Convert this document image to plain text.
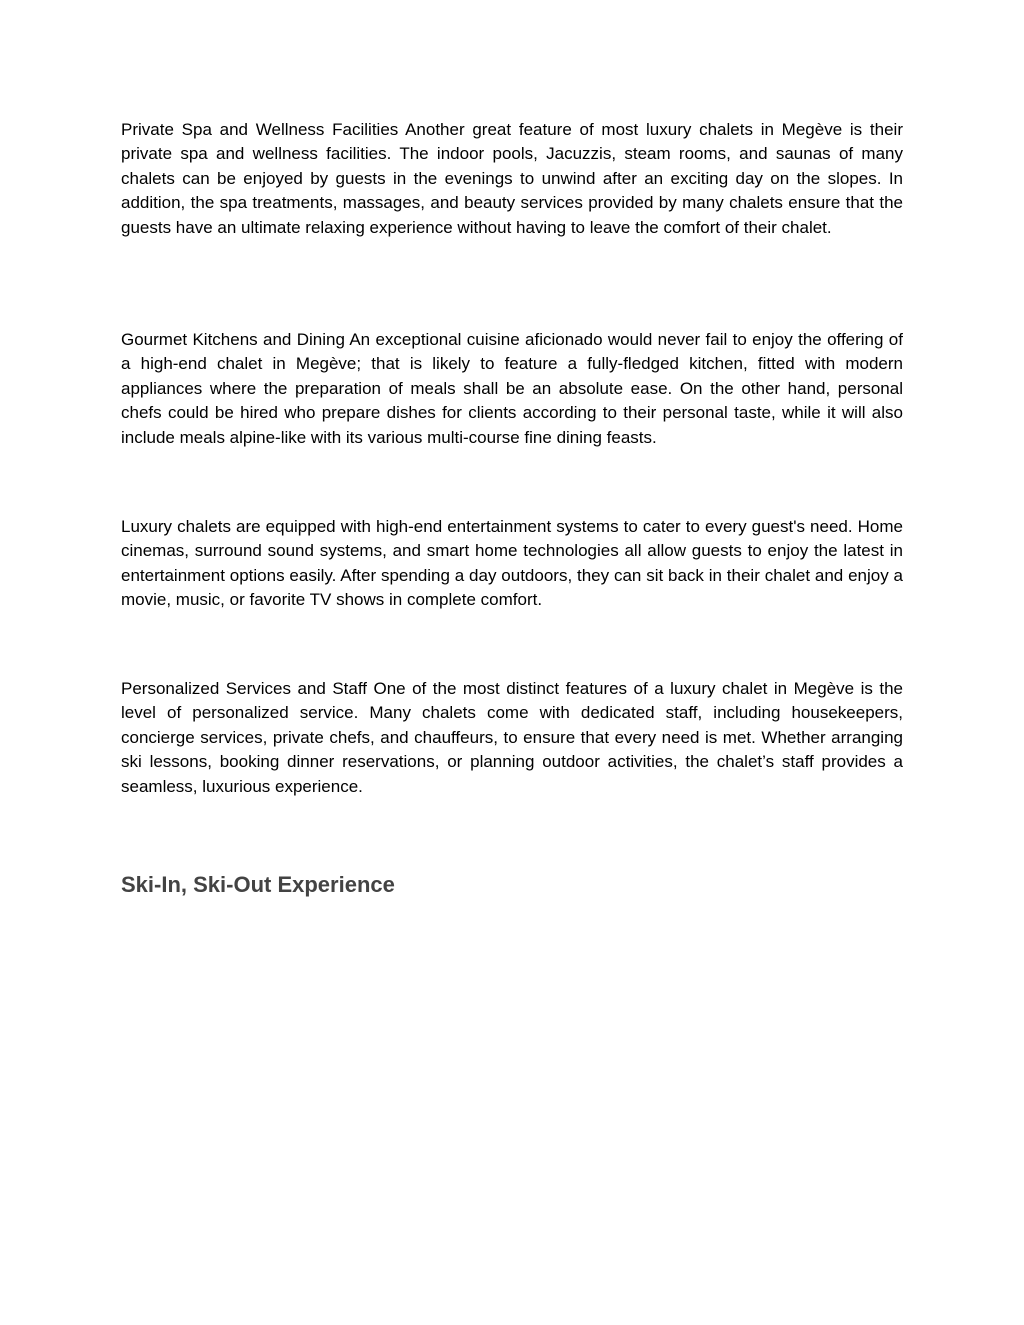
Private Spa and Wellness Facilities Another great feature of most luxury chalets in Megève is their private spa and wellness facilities. The indoor pools, Jacuzzis, steam rooms, and saunas of many chalets can be enjoyed by guests in the evenings to unwind after an exciting day on the slopes. In addition, the spa treatments, massages, and beauty services provided by many chalets ensure that the guests have an ultimate relaxing experience without having to leave the comfort of their chalet.

Gourmet Kitchens and Dining An exceptional cuisine aficionado would never fail to enjoy the offering of a high-end chalet in Megève; that is likely to feature a fully-fledged kitchen, fitted with modern appliances where the preparation of meals shall be an absolute ease. On the other hand, personal chefs could be hired who prepare dishes for clients according to their personal taste, while it will also include meals alpine-like with its various multi-course fine dining feasts.

Luxury chalets are equipped with high-end entertainment systems to cater to every guest's need. Home cinemas, surround sound systems, and smart home technologies all allow guests to enjoy the latest in entertainment options easily. After spending a day outdoors, they can sit back in their chalet and enjoy a movie, music, or favorite TV shows in complete comfort.

Personalized Services and Staff One of the most distinct features of a luxury chalet in Megève is the level of personalized service. Many chalets come with dedicated staff, including housekeepers, concierge services, private chefs, and chauffeurs, to ensure that every need is met. Whether arranging ski lessons, booking dinner reservations, or planning outdoor activities, the chalet’s staff provides a seamless, luxurious experience.

Ski-In, Ski-Out Experience
